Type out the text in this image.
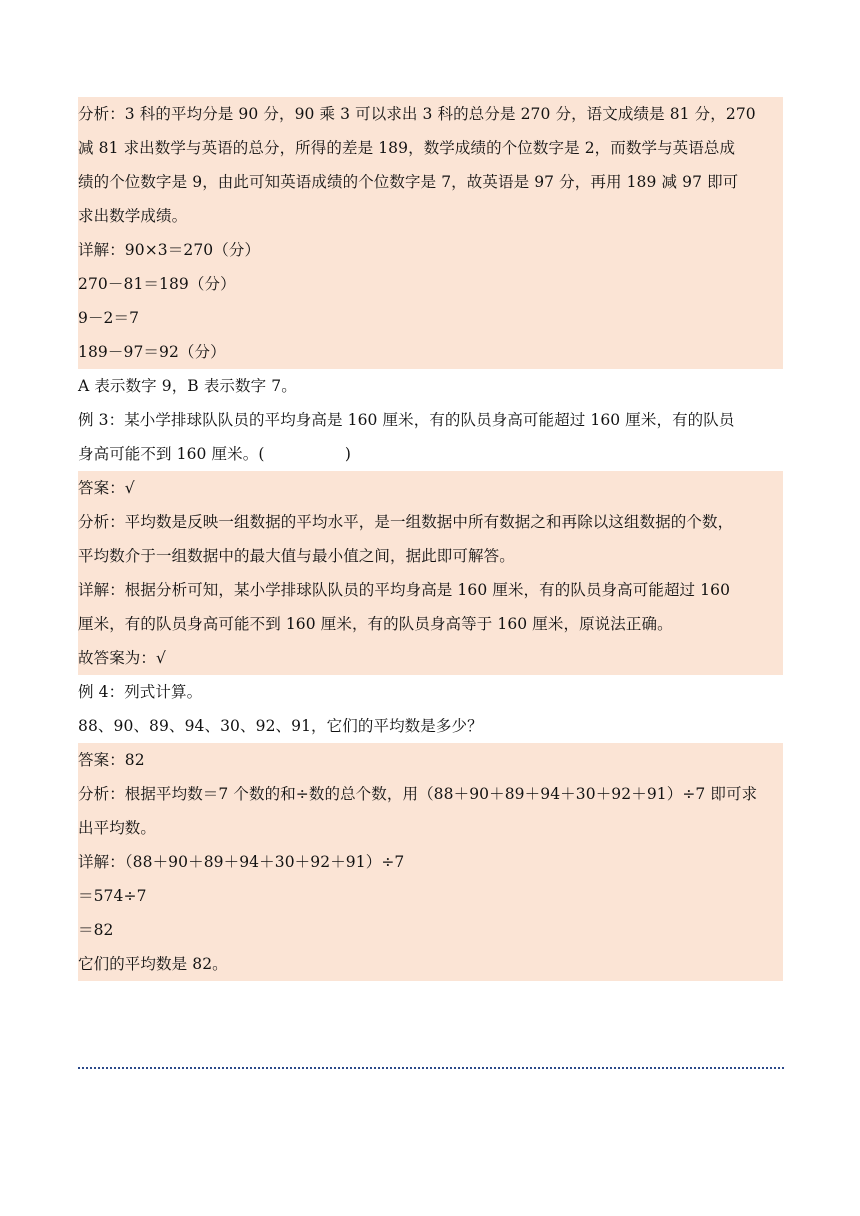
分析：3 科的平均分是 90 分，90 乘 3 可以求出 3 科的总分是 270 分，语文成绩是 81 分，270
减 81 求出数学与英语的总分，所得的差是 189，数学成绩的个位数字是 2，而数学与英语总成
绩的个位数字是 9，由此可知英语成绩的个位数字是 7，故英语是 97 分，再用 189 减 97 即可
求出数学成绩。
详解：90×3＝270（分）
270－81＝189（分）
9－2＝7
189－97＝92（分）
A 表示数字 9，B 表示数字 7。
例 3：某小学排球队队员的平均身高是 160 厘米，有的队员身高可能超过 160 厘米，有的队员
身高可能不到 160 厘米。(                )
答案：√
分析：平均数是反映一组数据的平均水平，是一组数据中所有数据之和再除以这组数据的个数，
平均数介于一组数据中的最大值与最小值之间，据此即可解答。
详解：根据分析可知，某小学排球队队员的平均身高是 160 厘米，有的队员身高可能超过 160
厘米，有的队员身高可能不到 160 厘米，有的队员身高等于 160 厘米，原说法正确。
故答案为：√
例 4：列式计算。
88、90、89、94、30、92、91，它们的平均数是多少？
答案：82
分析：根据平均数＝7 个数的和÷数的总个数，用（88＋90＋89＋94＋30＋92＋91）÷7 即可求
出平均数。
详解：（88＋90＋89＋94＋30＋92＋91）÷7
＝574÷7
＝82
它们的平均数是 82。
